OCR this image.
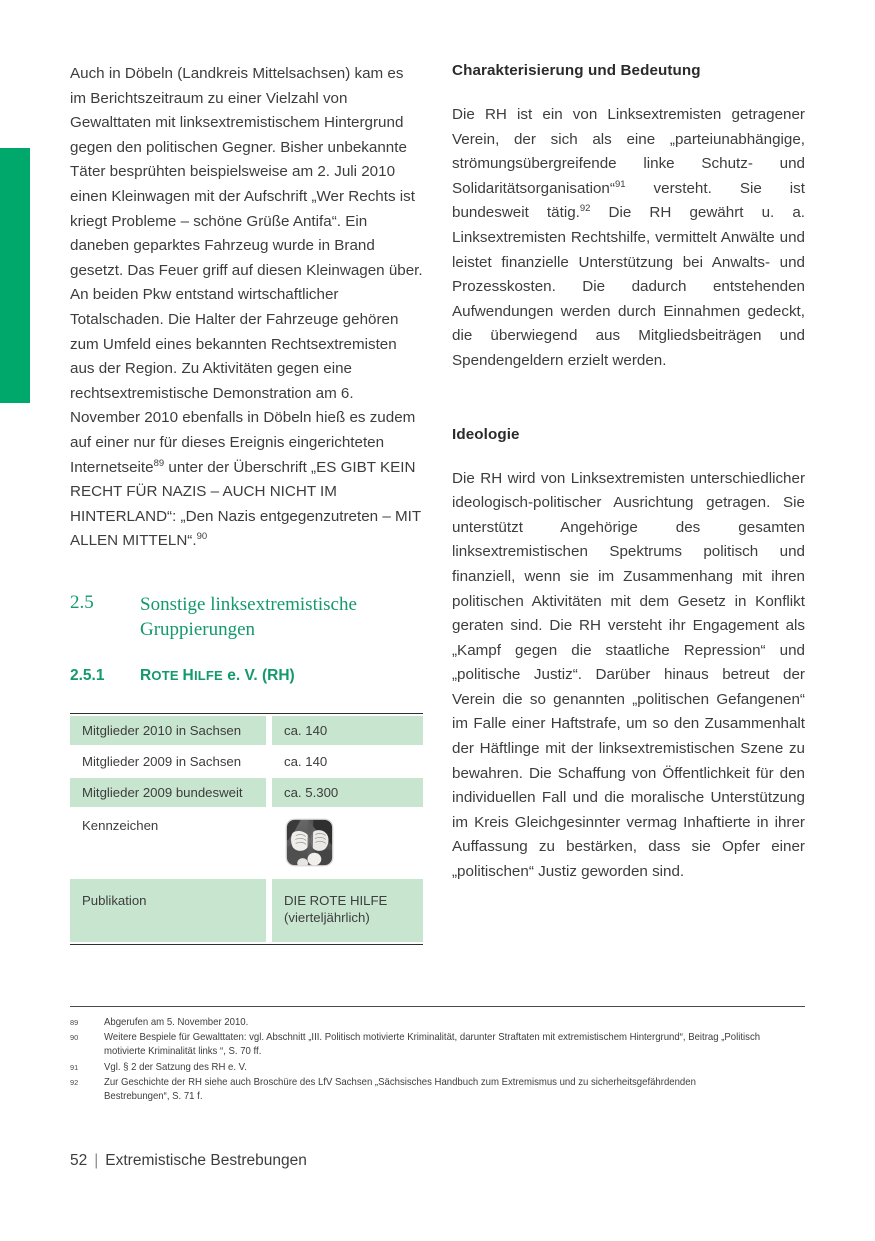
Auch in Döbeln (Landkreis Mittelsachsen) kam es im Berichtszeitraum zu einer Vielzahl von Gewalttaten mit linksextremistischem Hintergrund gegen den politischen Gegner. Bisher unbekannte Täter besprühten beispielsweise am 2. Juli 2010 einen Kleinwagen mit der Aufschrift „Wer Rechts ist kriegt Probleme – schöne Grüße Antifa“. Ein daneben geparktes Fahrzeug wurde in Brand gesetzt. Das Feuer griff auf diesen Kleinwagen über. An beiden Pkw entstand wirtschaftlicher Totalschaden. Die Halter der Fahrzeuge gehören zum Umfeld eines bekannten Rechtsextremisten aus der Region. Zu Aktivitäten gegen eine rechtsextremistische Demonstration am 6. November 2010 ebenfalls in Döbeln hieß es zudem auf einer nur für dieses Ereignis eingerichteten Internetseite$^{89}$ unter der Überschrift „ES GIBT KEIN RECHT FÜR NAZIS – AUCH NICHT IM HINTERLAND“: „Den Nazis entgegenzutreten – MIT ALLEN MITTELN“.$^{90}$

2.5 Sonstige linksextremistische Gruppierungen
2.5.1 ROTE HILFE e. V. (RH)
Mitglieder 2010 in Sachsen	ca. 140
Mitglieder 2009 in Sachsen	ca. 140
Mitglieder 2009 bundesweit	ca. 5.300
Kennzeichen
Publikation	DIE ROTE HILFE
(vierteljährlich)
Charakterisierung und Bedeutung

Die RH ist ein von Linksextremisten getragener Verein, der sich als eine „parteiunabhängige, strömungsübergreifende linke Schutz- und Solidaritätsorganisation“$^{91}$ versteht. Sie ist bundesweit tätig.$^{92}$ Die RH gewährt u. a. Linksextremisten Rechtshilfe, vermittelt Anwälte und leistet finanzielle Unterstützung bei Anwalts- und Prozesskosten. Die dadurch entstehenden Aufwendungen werden durch Einnahmen gedeckt, die überwiegend aus Mitgliedsbeiträgen und Spendengeldern erzielt werden.

Ideologie

Die RH wird von Linksextremisten unterschiedlicher ideologisch-politischer Ausrichtung getragen. Sie unterstützt Angehörige des gesamten linksextremistischen Spektrums politisch und finanziell, wenn sie im Zusammenhang mit ihren politischen Aktivitäten mit dem Gesetz in Konflikt geraten sind. Die RH versteht ihr Engagement als „Kampf gegen die staatliche Repression“ und „politische Justiz“. Darüber hinaus betreut der Verein die so genannten „politischen Gefangenen“ im Falle einer Haftstrafe, um so den Zusammenhalt der Häftlinge mit der linksextremistischen Szene zu bewahren. Die Schaffung von Öffentlichkeit für den individuellen Fall und die moralische Unterstützung im Kreis Gleichgesinnter vermag Inhaftierte in ihrer Auffassung zu bestärken, dass sie Opfer einer „politischen“ Justiz geworden sind.

89	Abgerufen am 5. November 2010.
90	Weitere Bespiele für Gewalttaten: vgl. Abschnitt „III. Politisch motivierte Kriminalität, darunter Straftaten mit extremistischem Hintergrund“, Beitrag „Politisch motivierte Kriminalität links “, S. 70 ff.
91	Vgl. § 2 der Satzung des RH e. V.
92	Zur Geschichte der RH siehe auch Broschüre des LfV Sachsen „Sächsisches Handbuch zum Extremismus und zu sicherheitsgefährdenden Bestrebungen“, S. 71 f.
52 | Extremistische Bestrebungen
